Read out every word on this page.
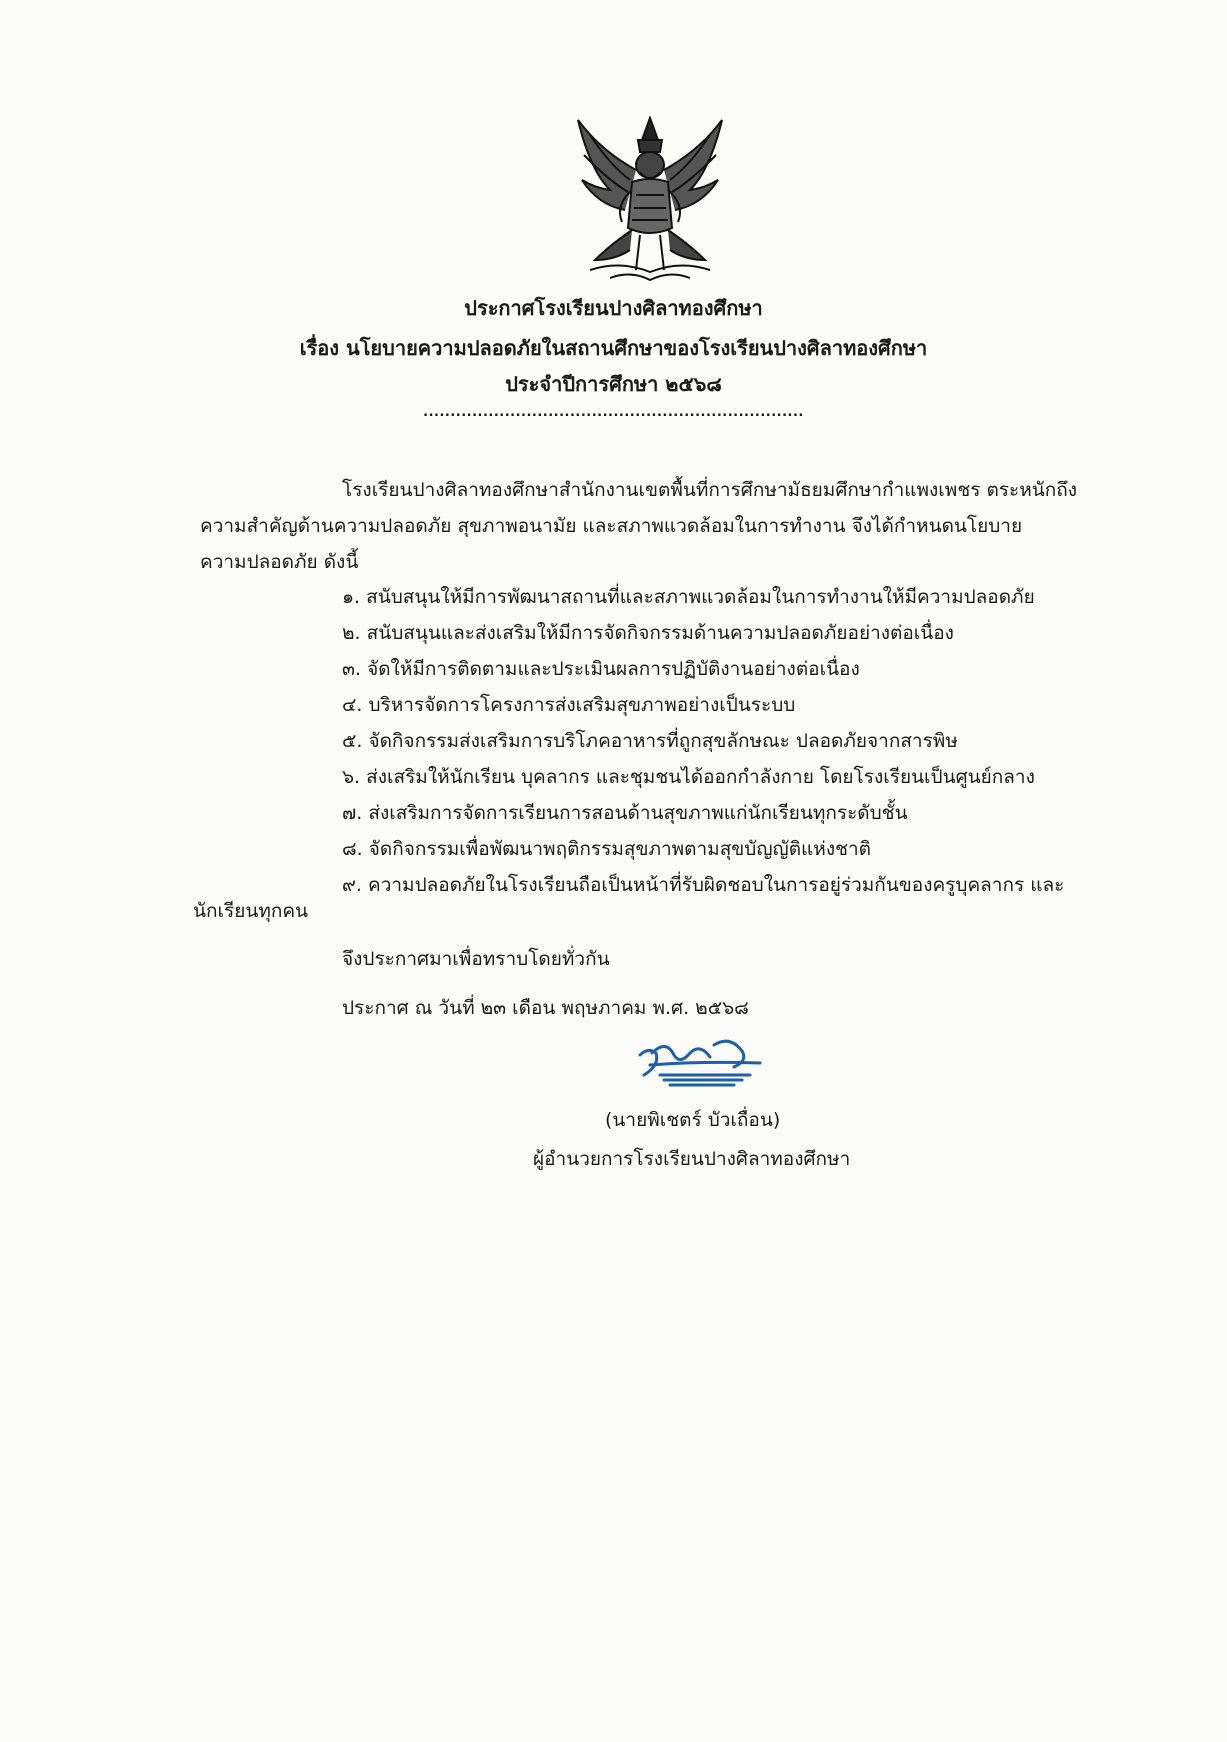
ประกาศโรงเรียนปางศิลาทองศึกษา
เรื่อง นโยบายความปลอดภัยในสถานศึกษาของโรงเรียนปางศิลาทองศึกษา
ประจำปีการศึกษา ๒๕๖๘
......................................................................
โรงเรียนปางศิลาทองศึกษาสำนักงานเขตพื้นที่การศึกษามัธยมศึกษากำแพงเพชร ตระหนักถึง
ความสำคัญด้านความปลอดภัย สุขภาพอนามัย และสภาพแวดล้อมในการทำงาน จึงได้กำหนดนโยบาย
ความปลอดภัย ดังนี้
๑. สนับสนุนให้มีการพัฒนาสถานที่และสภาพแวดล้อมในการทำงานให้มีความปลอดภัย
๒. สนับสนุนและส่งเสริมให้มีการจัดกิจกรรมด้านความปลอดภัยอย่างต่อเนื่อง
๓. จัดให้มีการติดตามและประเมินผลการปฏิบัติงานอย่างต่อเนื่อง
๔. บริหารจัดการโครงการส่งเสริมสุขภาพอย่างเป็นระบบ
๕. จัดกิจกรรมส่งเสริมการบริโภคอาหารที่ถูกสุขลักษณะ ปลอดภัยจากสารพิษ
๖. ส่งเสริมให้นักเรียน บุคลากร และชุมชนได้ออกกำลังกาย โดยโรงเรียนเป็นศูนย์กลาง
๗. ส่งเสริมการจัดการเรียนการสอนด้านสุขภาพแก่นักเรียนทุกระดับชั้น
๘. จัดกิจกรรมเพื่อพัฒนาพฤติกรรมสุขภาพตามสุขบัญญัติแห่งชาติ
๙. ความปลอดภัยในโรงเรียนถือเป็นหน้าที่รับผิดชอบในการอยู่ร่วมกันของครูบุคลากร และ
นักเรียนทุกคน
จึงประกาศมาเพื่อทราบโดยทั่วกัน
ประกาศ ณ วันที่ ๒๓ เดือน พฤษภาคม พ.ศ. ๒๕๖๘
(นายพิเชตร์ บัวเถื่อน)
ผู้อำนวยการโรงเรียนปางศิลาทองศึกษา
